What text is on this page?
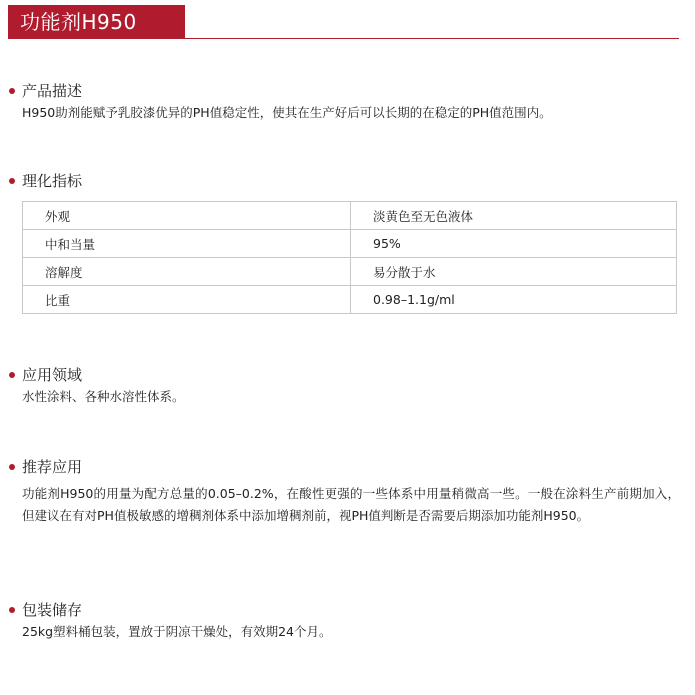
功能剂H950
产品描述
H950助剂能赋予乳胶漆优异的PH值稳定性，使其在生产好后可以长期的在稳定的PH值范围内。
理化指标
外观	淡黄色至无色液体
中和当量	95%
溶解度	易分散于水
比重	0.98–1.1g/ml
应用领域
水性涂料、各种水溶性体系。
推荐应用
功能剂H950的用量为配方总量的0.05–0.2%，在酸性更强的一些体系中用量稍微高一些。一般在涂料生产前期加入，但建议在有对PH值极敏感的增稠剂体系中添加增稠剂前，视PH值判断是否需要后期添加功能剂H950。
包装储存
25kg塑料桶包装，置放于阴凉干燥处，有效期24个月。
